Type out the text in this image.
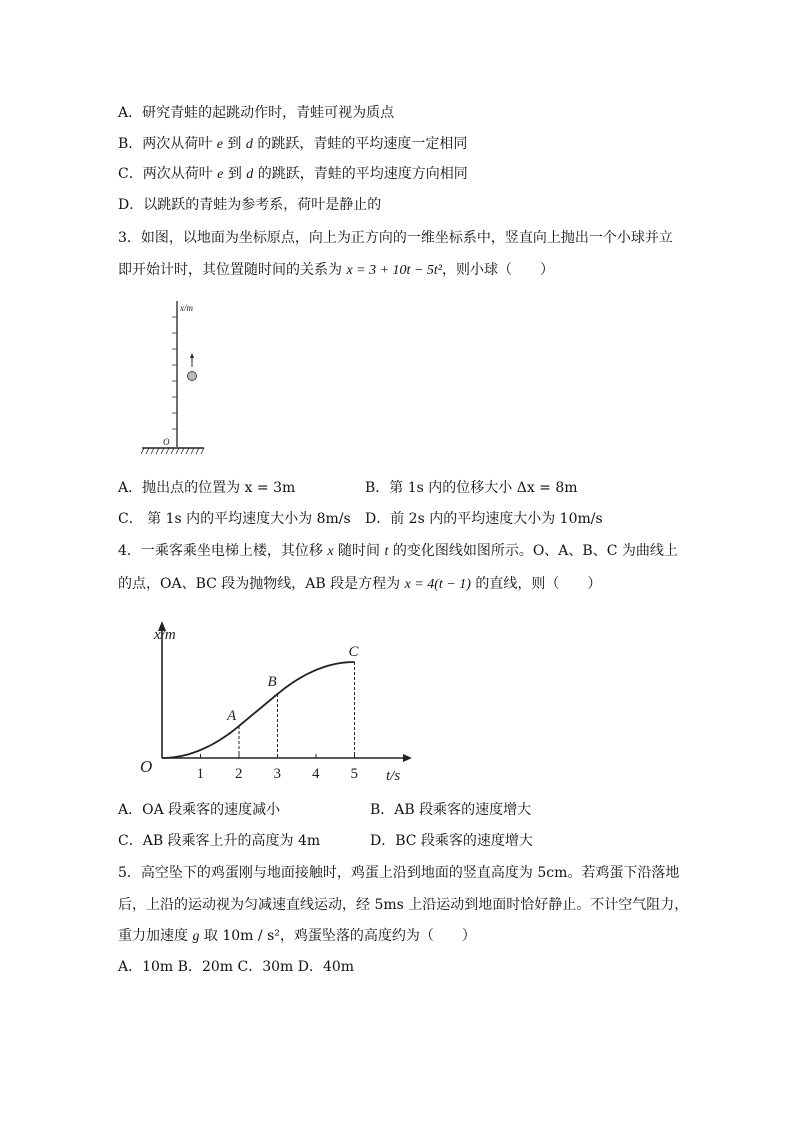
A．研究青蛙的起跳动作时，青蛙可视为质点
B．两次从荷叶 e 到 d 的跳跃，青蛙的平均速度一定相同
C．两次从荷叶 e 到 d 的跳跃，青蛙的平均速度方向相同
D．以跳跃的青蛙为参考系，荷叶是静止的
3．如图，以地面为坐标原点，向上为正方向的一维坐标系中，竖直向上抛出一个小球并立
即开始计时，其位置随时间的关系为 x = 3 + 10t − 5t²，则小球（　　）
x/m
O
A．抛出点的位置为 x = 3m	B．第 1s 内的位移大小 Δx = 8m
C． 第 1s 内的平均速度大小为 8m/s D．前 2s 内的平均速度大小为 10m/s
4．一乘客乘坐电梯上楼，其位移 x 随时间 t 的变化图线如图所示。O、A、B、C 为曲线上
的点，OA、BC 段为抛物线，AB 段是方程为 x = 4(t − 1) 的直线，则（　　）
x/m
t/s
O	1 2 3 4 5
A
B
C
A．OA 段乘客的速度减小	B．AB 段乘客的速度增大
C．AB 段乘客上升的高度为 4m	D．BC 段乘客的速度增大
5．高空坠下的鸡蛋刚与地面接触时，鸡蛋上沿到地面的竖直高度为 5cm。若鸡蛋下沿落地
后，上沿的运动视为匀减速直线运动，经 5ms 上沿运动到地面时恰好静止。不计空气阻力，
重力加速度 g 取 10m / s²，鸡蛋坠落的高度约为（　　）
A．10m B．20m C．30m D．40m
